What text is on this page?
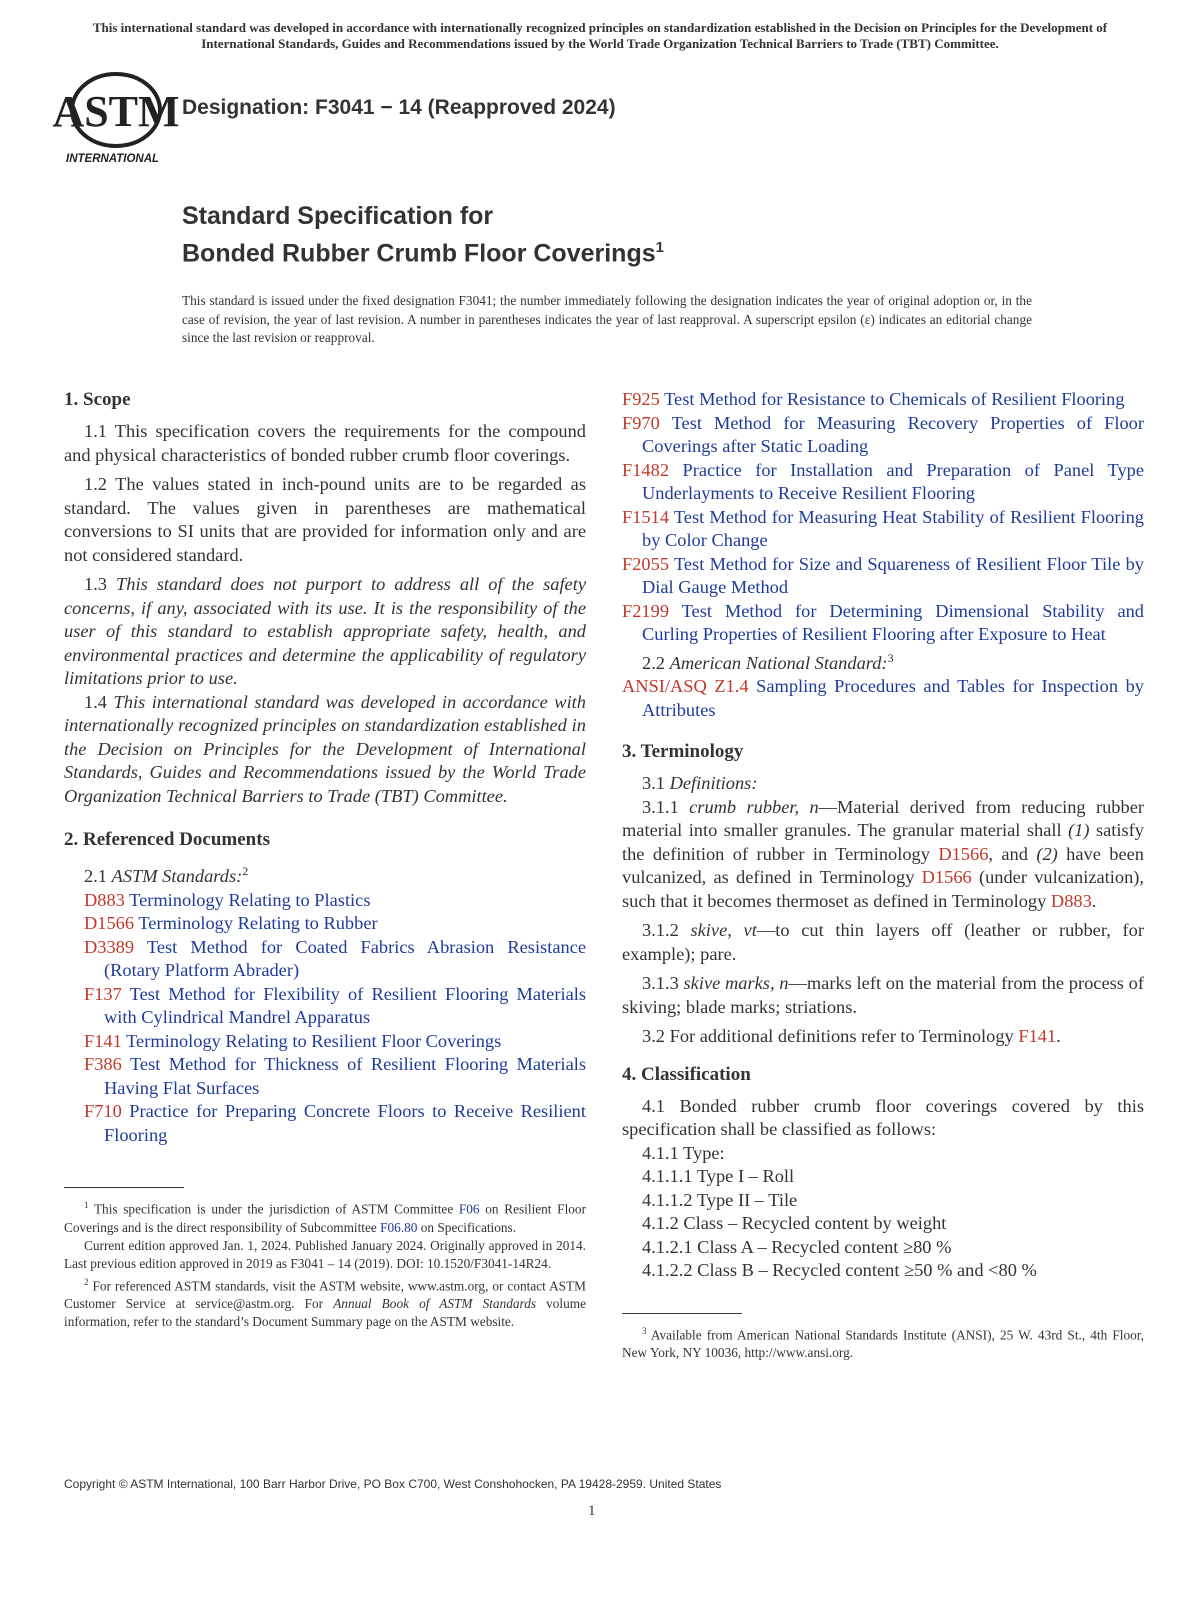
This international standard was developed in accordance with internationally recognized principles on standardization established in the Decision on Principles for the Development of International Standards, Guides and Recommendations issued by the World Trade Organization Technical Barriers to Trade (TBT) Committee.
ASTM
INTERNATIONAL
Designation: F3041 − 14 (Reapproved 2024)
Standard Specification for
Bonded Rubber Crumb Floor Coverings$^1$
This standard is issued under the fixed designation F3041; the number immediately following the designation indicates the year of original adoption or, in the case of revision, the year of last revision. A number in parentheses indicates the year of last reapproval. A superscript epsilon (ε) indicates an editorial change since the last revision or reapproval.
1. Scope

1.1 This specification covers the requirements for the compound and physical characteristics of bonded rubber crumb floor coverings.

1.2 The values stated in inch-pound units are to be regarded as standard. The values given in parentheses are mathematical conversions to SI units that are provided for information only and are not considered standard.

1.3 This standard does not purport to address all of the safety concerns, if any, associated with its use. It is the responsibility of the user of this standard to establish appropriate safety, health, and environmental practices and determine the applicability of regulatory limitations prior to use.

1.4 This international standard was developed in accordance with internationally recognized principles on standardization established in the Decision on Principles for the Development of International Standards, Guides and Recommendations issued by the World Trade Organization Technical Barriers to Trade (TBT) Committee.

2. Referenced Documents

2.1 ASTM Standards:$^2$

D883 Terminology Relating to Plastics

D1566 Terminology Relating to Rubber

D3389 Test Method for Coated Fabrics Abrasion Resistance (Rotary Platform Abrader)

F137 Test Method for Flexibility of Resilient Flooring Materials with Cylindrical Mandrel Apparatus

F141 Terminology Relating to Resilient Floor Coverings

F386 Test Method for Thickness of Resilient Flooring Materials Having Flat Surfaces

F710 Practice for Preparing Concrete Floors to Receive Resilient Flooring

$^1$ This specification is under the jurisdiction of ASTM Committee F06 on Resilient Floor Coverings and is the direct responsibility of Subcommittee F06.80 on Specifications.

Current edition approved Jan. 1, 2024. Published January 2024. Originally approved in 2014. Last previous edition approved in 2019 as F3041 – 14 (2019). DOI: 10.1520/F3041-14R24.

$^2$ For referenced ASTM standards, visit the ASTM website, www.astm.org, or contact ASTM Customer Service at service@astm.org. For Annual Book of ASTM Standards volume information, refer to the standard’s Document Summary page on the ASTM website.

F925 Test Method for Resistance to Chemicals of Resilient Flooring

F970 Test Method for Measuring Recovery Properties of Floor Coverings after Static Loading

F1482 Practice for Installation and Preparation of Panel Type Underlayments to Receive Resilient Flooring

F1514 Test Method for Measuring Heat Stability of Resilient Flooring by Color Change

F2055 Test Method for Size and Squareness of Resilient Floor Tile by Dial Gauge Method

F2199 Test Method for Determining Dimensional Stability and Curling Properties of Resilient Flooring after Exposure to Heat

2.2 American National Standard:$^3$

ANSI/ASQ Z1.4 Sampling Procedures and Tables for Inspection by Attributes

3. Terminology

3.1 Definitions:

3.1.1 crumb rubber, n—Material derived from reducing rubber material into smaller granules. The granular material shall (1) satisfy the definition of rubber in Terminology D1566, and (2) have been vulcanized, as defined in Terminology D1566 (under vulcanization), such that it becomes thermoset as defined in Terminology D883.

3.1.2 skive, vt—to cut thin layers off (leather or rubber, for example); pare.

3.1.3 skive marks, n—marks left on the material from the process of skiving; blade marks; striations.

3.2 For additional definitions refer to Terminology F141.

4. Classification

4.1 Bonded rubber crumb floor coverings covered by this specification shall be classified as follows:

4.1.1 Type:
4.1.1.1 Type I – Roll
4.1.1.2 Type II – Tile
4.1.2 Class – Recycled content by weight
4.1.2.1 Class A – Recycled content ≥80 %
4.1.2.2 Class B – Recycled content ≥50 % and <80 %

$^3$ Available from American National Standards Institute (ANSI), 25 W. 43rd St., 4th Floor, New York, NY 10036, http://www.ansi.org.

Copyright © ASTM International, 100 Barr Harbor Drive, PO Box C700, West Conshohocken, PA 19428-2959. United States
1
